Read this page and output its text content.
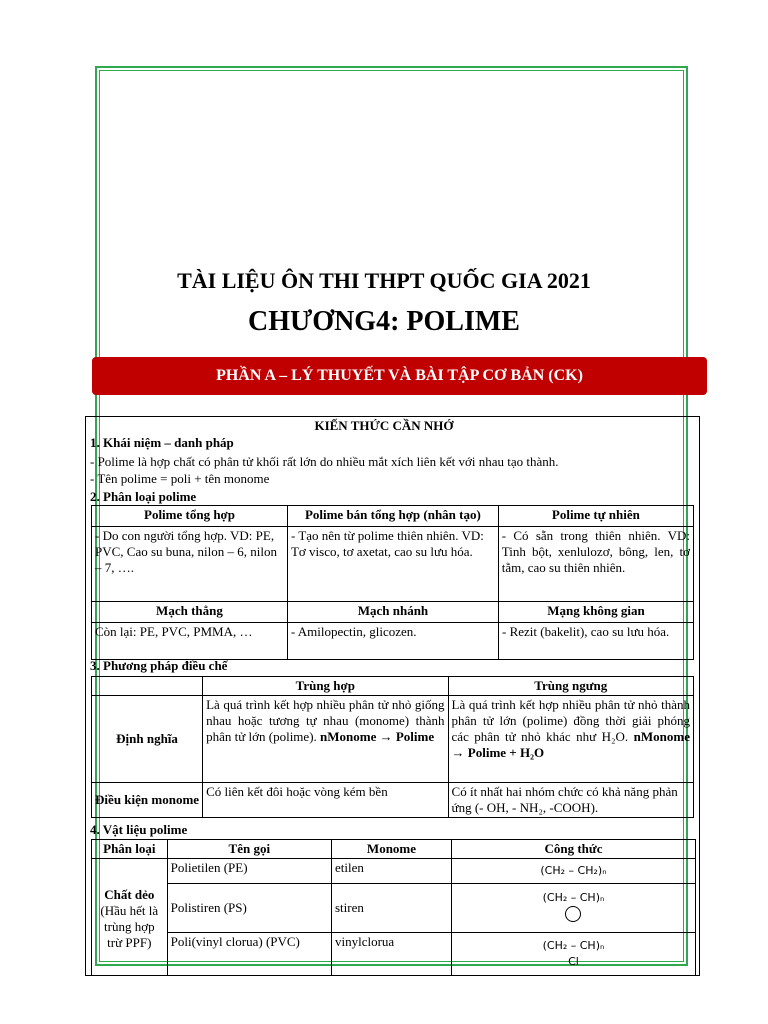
TÀI LIỆU ÔN THI THPT QUỐC GIA 2021
CHƯƠNG4: POLIME
PHẦN A – LÝ THUYẾT VÀ BÀI TẬP CƠ BẢN (CK)
KIẾN THỨC CẦN NHỚ
1. Khái niệm – danh pháp
- Polime là hợp chất có phân tử khối rất lớn do nhiều mắt xích liên kết với nhau tạo thành.
- Tên polime = poli + tên monome
2. Phân loại polime
Polime tổng hợp	Polime bán tổng hợp (nhân tạo)	Polime tự nhiên
- Do con người tổng hợp. VD: PE, PVC, Cao su buna, nilon – 6, nilon – 7, ….	- Tạo nên từ polime thiên nhiên. VD: Tơ visco, tơ axetat, cao su lưu hóa.	- Có sẵn trong thiên nhiên. VD: Tinh bột, xenlulozơ, bông, len, tơ tằm, cao su thiên nhiên.
Mạch thẳng	Mạch nhánh	Mạng không gian
Còn lại: PE, PVC, PMMA, …	- Amilopectin, glicozen.	- Rezit (bakelit), cao su lưu hóa.
3. Phương pháp điều chế
	Trùng hợp	Trùng ngưng
Định nghĩa	Là quá trình kết hợp nhiều phân tử nhỏ giống nhau hoặc tương tự nhau (monome) thành phân tử lớn (polime). nMonome → Polime	Là quá trình kết hợp nhiều phân tử nhỏ thành phân tử lớn (polime) đồng thời giải phóng các phân tử nhỏ khác như H₂O. nMonome → Polime + H₂O
Điều kiện monome	Có liên kết đôi hoặc vòng kém bền	Có ít nhất hai nhóm chức có khả năng phản ứng (- OH, - NH₂, -COOH).
4. Vật liệu polime
Phân loại	Tên gọi	Monome	Công thức
Chất dẻo
(Hầu hết là trùng hợp trừ PPF)	Polietilen (PE)	etilen	(CH₂ – CH₂)ₙ
	Polistiren (PS)	stiren	(CH₂ – CH)ₙ

	Poli(vinyl clorua) (PVC)	vinylclorua	(CH₂ – CH)ₙ
Cl
